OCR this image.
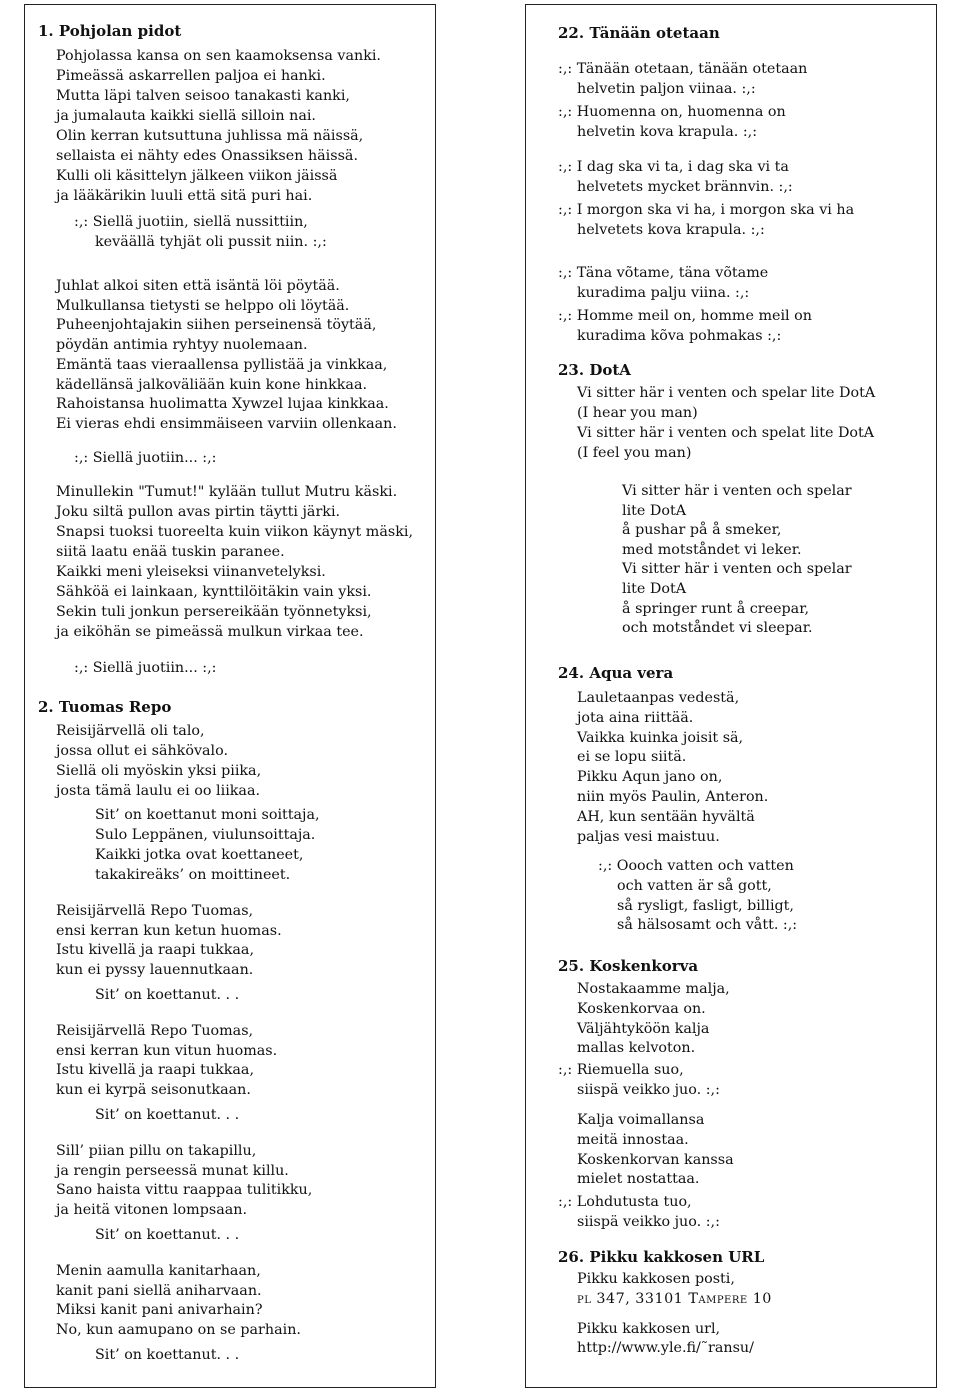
1. Pohjolan pidot
2. Tuomas Repo
22. Tänään otetaan
23. DotA
24. Aqua vera
25. Koskenkorva
26. Pikku kakkosen URL
:,: Siellä juotiin... :,:
:,: Siellä juotiin... :,:
Sit’ on koettanut. . .
Sit’ on koettanut. . .
Sit’ on koettanut. . .
Sit’ on koettanut. . .
Pikku kakkosen posti,
pl 347, 33101 Tampere 10
Pikku kakkosen url,
http://www.yle.fi/˜ransu/
Pohjolassa kansa on sen kaamoksensa vanki.
Pimeässä askarrellen paljoa ei hanki.
Mutta läpi talven seisoo tanakasti kanki,
ja jumalauta kaikki siellä silloin nai.
Olin kerran kutsuttuna juhlissa mä näissä,
sellaista ei nähty edes Onassiksen häissä.
Kulli oli käsittelyn jälkeen viikon jäissä
ja lääkärikin luuli että sitä puri hai.
:,: Siellä juotiin, siellä nussittiin,
keväällä tyhjät oli pussit niin. :,:
Juhlat alkoi siten että isäntä löi pöytää.
Mulkullansa tietysti se helppo oli löytää.
Puheenjohtajakin siihen perseinensä töytää,
pöydän antimia ryhtyy nuolemaan.
Emäntä taas vieraallensa pyllistää ja vinkkaa,
kädellänsä jalkoväliään kuin kone hinkkaa.
Rahoistansa huolimatta Xywzel lujaa kinkkaa.
Ei vieras ehdi ensimmäiseen varviin ollenkaan.
Minullekin "Tumut!" kylään tullut Mutru käski.
Joku siltä pullon avas pirtin täytti järki.
Snapsi tuoksi tuoreelta kuin viikon käynyt mäski,
siitä laatu enää tuskin paranee.
Kaikki meni yleiseksi viinanvetelyksi.
Sähköä ei lainkaan, kynttilöitäkin vain yksi.
Sekin tuli jonkun persereikään työnnetyksi,
ja eiköhän se pimeässä mulkun virkaa tee.
Reisijärvellä oli talo,
jossa ollut ei sähkövalo.
Siellä oli myöskin yksi piika,
josta tämä laulu ei oo liikaa.
Sit’ on koettanut moni soittaja,
Sulo Leppänen, viulunsoittaja.
Kaikki jotka ovat koettaneet,
takakireäks’ on moittineet.
Reisijärvellä Repo Tuomas,
ensi kerran kun ketun huomas.
Istu kivellä ja raapi tukkaa,
kun ei pyssy lauennutkaan.
Reisijärvellä Repo Tuomas,
ensi kerran kun vitun huomas.
Istu kivellä ja raapi tukkaa,
kun ei kyrpä seisonutkaan.
Sill’ piian pillu on takapillu,
ja rengin perseessä munat killu.
Sano haista vittu raappaa tulitikku,
ja heitä vitonen lompsaan.
Menin aamulla kanitarhaan,
kanit pani siellä aniharvaan.
Miksi kanit pani anivarhain?
No, kun aamupano on se parhain.
:,: Tänään otetaan, tänään otetaan
helvetin paljon viinaa. :,:
:,: Huomenna on, huomenna on
helvetin kova krapula. :,:
:,: I dag ska vi ta, i dag ska vi ta
helvetets mycket brännvin. :,:
:,: I morgon ska vi ha, i morgon ska vi ha
helvetets kova krapula. :,:
:,: Täna võtame, täna võtame
kuradima palju viina. :,:
:,: Homme meil on, homme meil on
kuradima kõva pohmakas :,:
Vi sitter här i venten och spelar lite DotA
(I hear you man)
Vi sitter här i venten och spelat lite DotA
(I feel you man)
Vi sitter här i venten och spelar
lite DotA
å pushar på å smeker,
med motståndet vi leker.
Vi sitter här i venten och spelar
lite DotA
å springer runt å creepar,
och motståndet vi sleepar.
Lauletaanpas vedestä,
jota aina riittää.
Vaikka kuinka joisit sä,
ei se lopu siitä.
Pikku Aqun jano on,
niin myös Paulin, Anteron.
AH, kun sentään hyvältä
paljas vesi maistuu.
:,: Oooch vatten och vatten
och vatten är så gott,
så rysligt, fasligt, billigt,
så hälsosamt och vått. :,:
Nostakaamme malja,
Koskenkorvaa on.
Väljähtyköön kalja
mallas kelvoton.
:,: Riemuella suo,
siispä veikko juo. :,:
Kalja voimallansa
meitä innostaa.
Koskenkorvan kanssa
mielet nostattaa.
:,: Lohdutusta tuo,
siispä veikko juo. :,:
